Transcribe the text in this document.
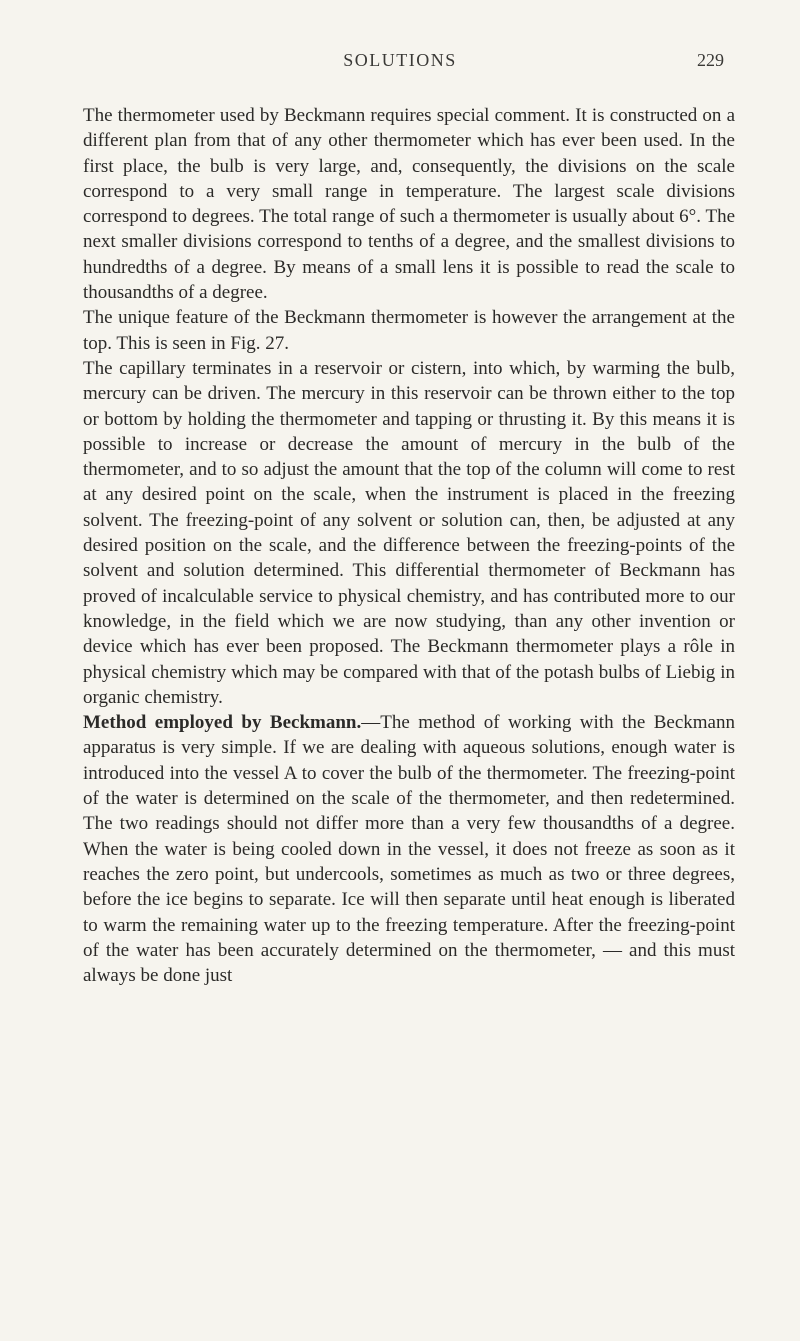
SOLUTIONS	229

The thermometer used by Beckmann requires special comment. It is constructed on a different plan from that of any other thermometer which has ever been used. In the first place, the bulb is very large, and, consequently, the divisions on the scale correspond to a very small range in temperature. The largest scale divisions correspond to degrees. The total range of such a thermometer is usually about 6°. The next smaller divisions correspond to tenths of a degree, and the smallest divisions to hundredths of a degree. By means of a small lens it is possible to read the scale to thousandths of a degree.

The unique feature of the Beckmann thermometer is however the arrangement at the top. This is seen in Fig. 27.

The capillary terminates in a reservoir or cistern, into which, by warming the bulb, mercury can be driven. The mercury in this reservoir can be thrown either to the top or bottom by holding the thermometer and tapping or thrusting it. By this means it is possible to increase or decrease the amount of mercury in the bulb of the thermometer, and to so adjust the amount that the top of the column will come to rest at any desired point on the scale, when the instrument is placed in the freezing solvent. The freezing-point of any solvent or solution can, then, be adjusted at any desired position on the scale, and the difference between the freezing-points of the solvent and solution determined. This differential thermometer of Beckmann has proved of incalculable service to physical chemistry, and has contributed more to our knowledge, in the field which we are now studying, than any other invention or device which has ever been proposed. The Beckmann thermometer plays a rôle in physical chemistry which may be compared with that of the potash bulbs of Liebig in organic chemistry.

Method employed by Beckmann.—The method of working with the Beckmann apparatus is very simple. If we are dealing with aqueous solutions, enough water is introduced into the vessel A to cover the bulb of the thermometer. The freezing-point of the water is determined on the scale of the thermometer, and then redetermined. The two readings should not differ more than a very few thousandths of a degree. When the water is being cooled down in the vessel, it does not freeze as soon as it reaches the zero point, but undercools, sometimes as much as two or three degrees, before the ice begins to separate. Ice will then separate until heat enough is liberated to warm the remaining water up to the freezing temperature. After the freezing-point of the water has been accurately determined on the thermometer, — and this must always be done just
